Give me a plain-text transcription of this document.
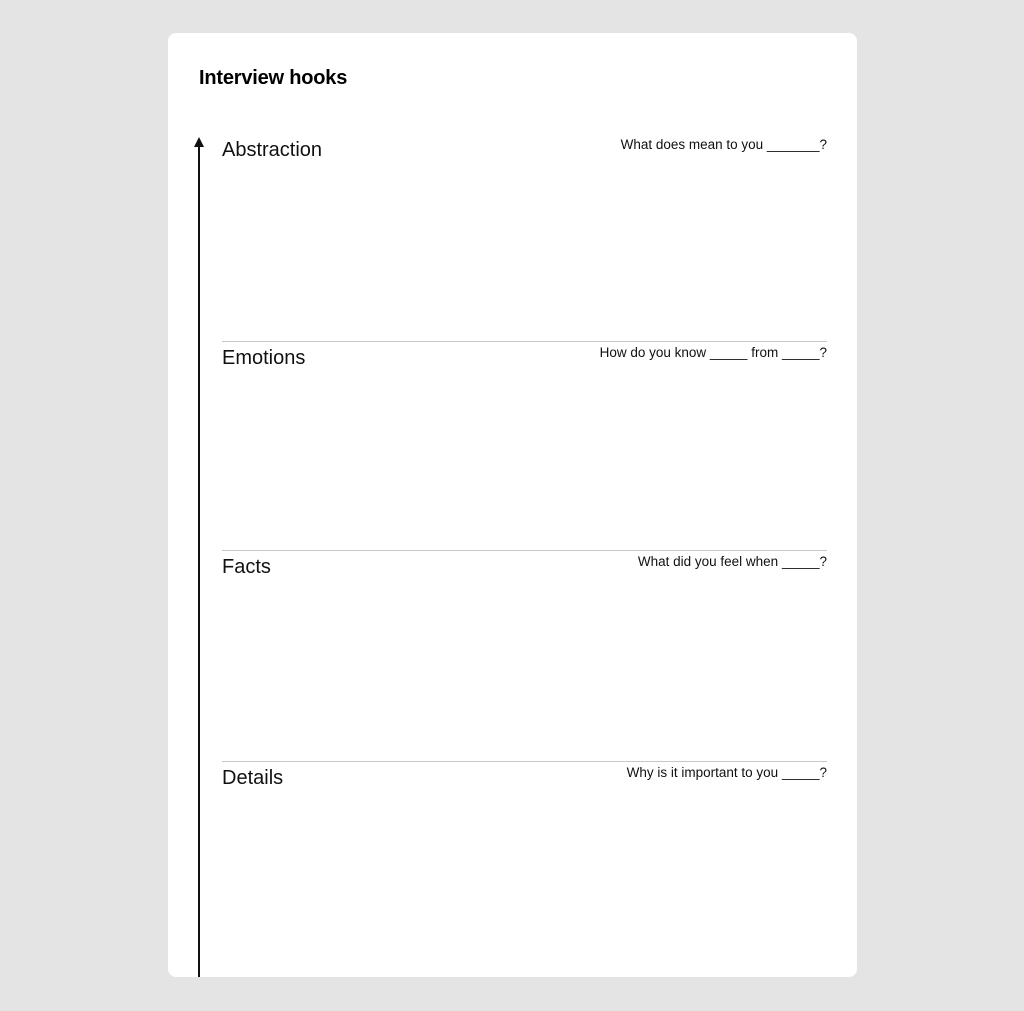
Interview hooks
Abstraction	What does mean to you _______?
Emotions	How do you know _____ from _____?
Facts	What did you feel when _____?
Details	Why is it important to you _____?
